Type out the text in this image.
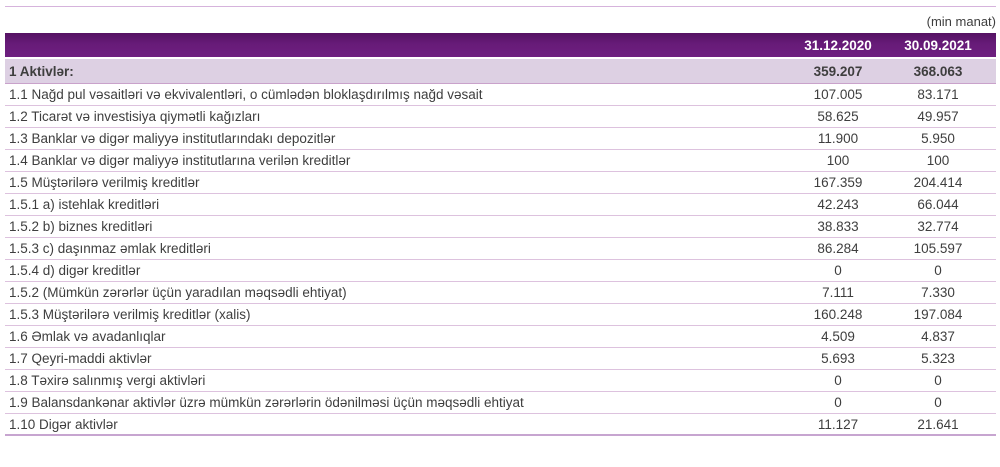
(min manat)
31.12.2020	30.09.2021
1 Aktivlər:	359.207	368.063
1.1 Nağd pul vəsaitləri və ekvivalentləri, o cümlədən bloklaşdırılmış nağd vəsait	107.005	83.171
1.2 Ticarət və investisiya qiymətli kağızları	58.625	49.957
1.3 Banklar və digər maliyyə institutlarındakı depozitlər	11.900	5.950
1.4 Banklar və digər maliyyə institutlarına verilən kreditlər	100	100
1.5 Müştərilərə verilmiş kreditlər	167.359	204.414
1.5.1 a) istehlak kreditləri	42.243	66.044
1.5.2 b) biznes kreditləri	38.833	32.774
1.5.3 c) daşınmaz əmlak kreditləri	86.284	105.597
1.5.4 d) digər kreditlər	0	0
1.5.2 (Mümkün zərərlər üçün yaradılan məqsədli ehtiyat)	7.111	7.330
1.5.3 Müştərilərə verilmiş kreditlər (xalis)	160.248	197.084
1.6 Əmlak və avadanlıqlar	4.509	4.837
1.7 Qeyri-maddi aktivlər	5.693	5.323
1.8 Təxirə salınmış vergi aktivləri	0	0
1.9 Balansdankənar aktivlər üzrə mümkün zərərlərin ödənilməsi üçün məqsədli ehtiyat	0	0
1.10 Digər aktivlər	11.127	21.641
